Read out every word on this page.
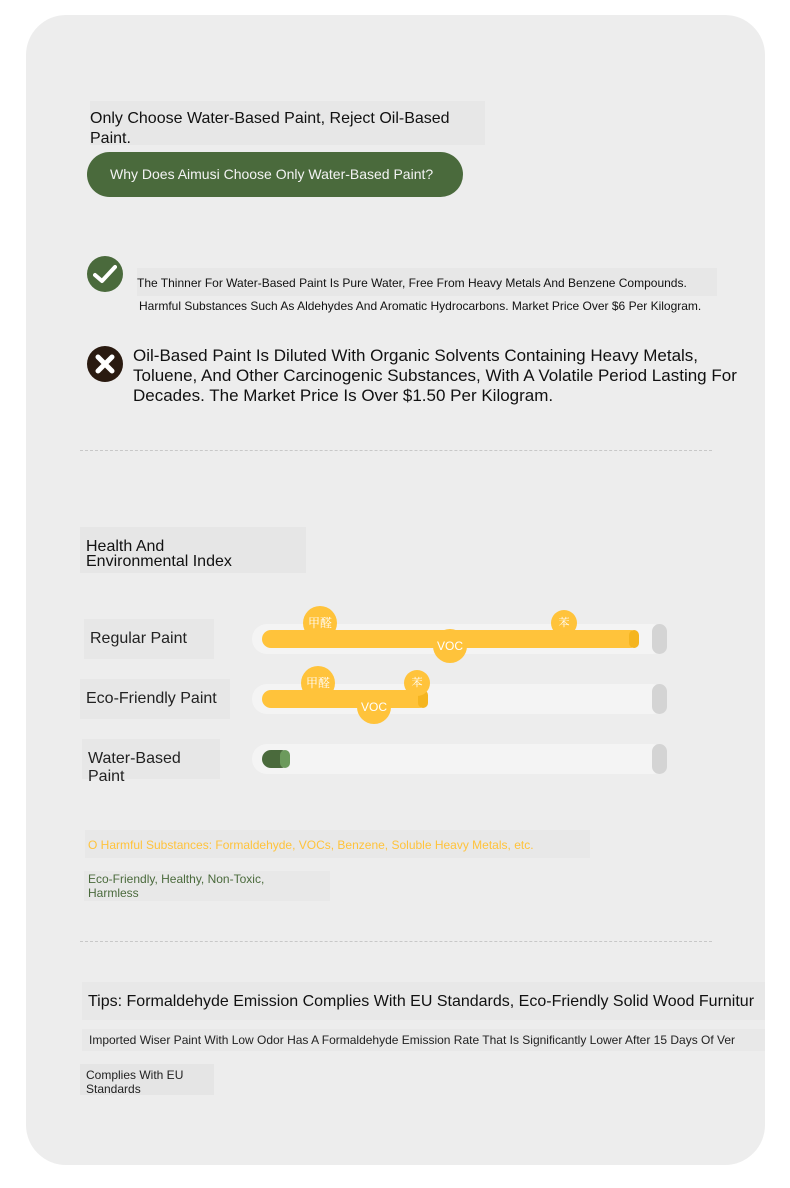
Only Choose Water-Based Paint, Reject Oil-Based Paint.
Why Does Aimusi Choose Only Water-Based Paint?
The Thinner For Water-Based Paint Is Pure Water, Free From Heavy Metals And Benzene Compounds.
Harmful Substances Such As Aldehydes And Aromatic Hydrocarbons. Market Price Over $6 Per Kilogram.
Oil-Based Paint Is Diluted With Organic Solvents Containing Heavy Metals, Toluene, And Other Carcinogenic Substances, With A Volatile Period Lasting For Decades. The Market Price Is Over $1.50 Per Kilogram.
Health And
Environmental Index
Regular Paint
甲醛	苯
VOC
Eco-Friendly Paint
甲醛	苯
VOC
Water-Based Paint
O Harmful Substances: Formaldehyde, VOCs, Benzene, Soluble Heavy Metals, etc.
Eco-Friendly, Healthy, Non-Toxic,
Harmless
Tips: Formaldehyde Emission Complies With EU Standards, Eco-Friendly Solid Wood Furnitur
Imported Wiser Paint With Low Odor Has A Formaldehyde Emission Rate That Is Significantly Lower After 15 Days Of Ver
Complies With EU Standards
